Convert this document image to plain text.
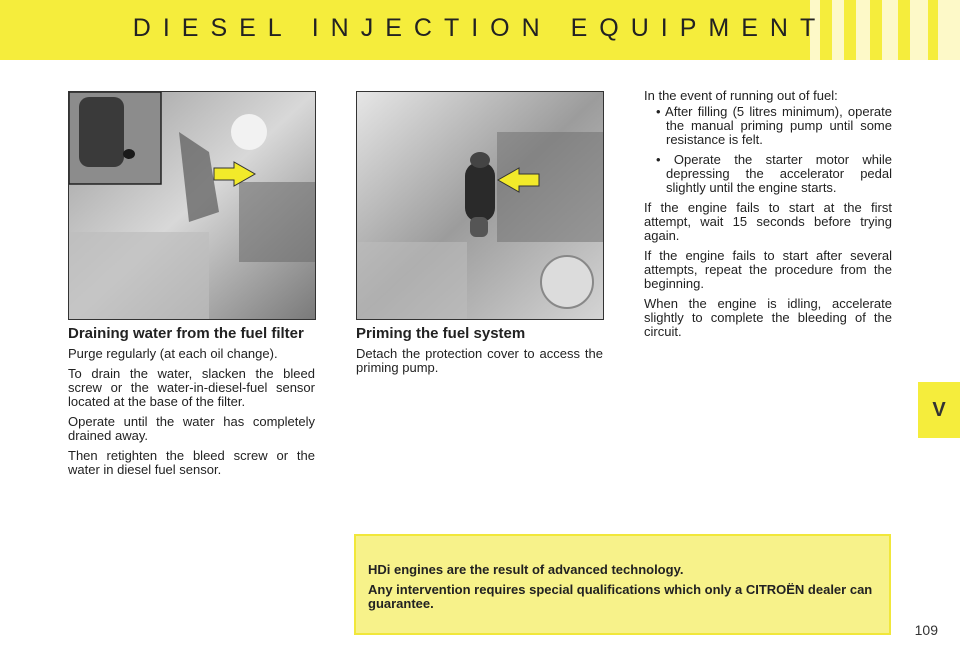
DIESEL INJECTION EQUIPMENT
V
Draining water from the fuel filter

Purge regularly (at each oil change).

To drain the water, slacken the bleed screw or the water-in-diesel-fuel sensor located at the base of the filter.

Operate until the water has completely drained away.

Then retighten the bleed screw or the water in diesel fuel sensor.

Priming the fuel system

Detach the protection cover to access the priming pump.

In the event of running out of fuel:

• After filling (5 litres minimum), operate the manual priming pump until some resistance is felt.

• Operate the starter motor while depressing the accelerator pedal slightly until the engine starts.

If the engine fails to start at the first attempt, wait 15 seconds before trying again.

If the engine fails to start after several attempts, repeat the procedure from the beginning.

When the engine is idling, accelerate slightly to complete the bleeding of the circuit.

HDi engines are the result of advanced technology.

Any intervention requires special qualifications which only a CITROËN dealer can guarantee.

109
